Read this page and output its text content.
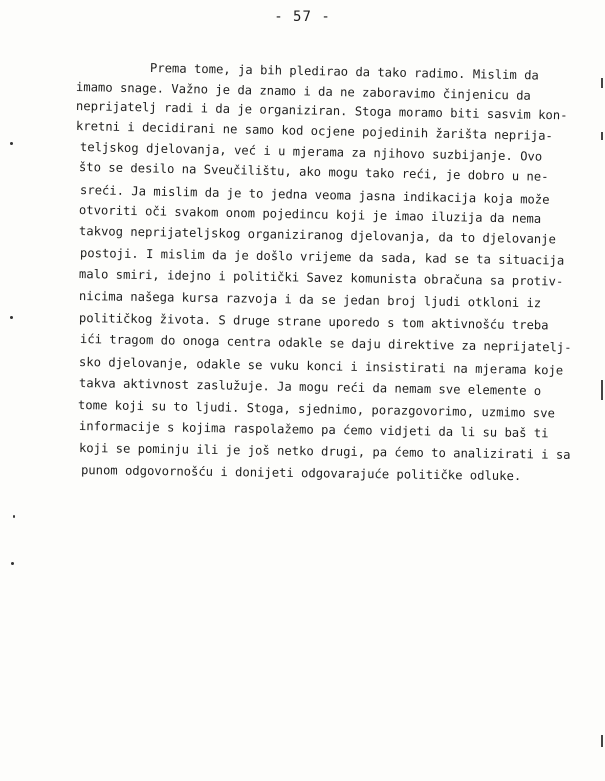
- 57 -
Prema tome, ja bih pledirao da tako radimo. Mislim da
imamo snage. Važno je da znamo i da ne zaboravimo činjenicu da
neprijatelj radi i da je organiziran. Stoga moramo biti sasvim kon-
kretni i decidirani ne samo kod ocjene pojedinih žarišta neprija-
teljskog djelovanja, već i u mjerama za njihovo suzbijanje. Ovo
što se desilo na Sveučilištu, ako mogu tako reći, je dobro u ne-
sreći. Ja mislim da je to jedna veoma jasna indikacija koja može
otvoriti oči svakom onom pojedincu koji je imao iluzija da nema
takvog neprijateljskog organiziranog djelovanja, da to djelovanje
postoji. I mislim da je došlo vrijeme da sada, kad se ta situacija
malo smiri, idejno i politički Savez komunista obračuna sa protiv-
nicima našega kursa razvoja i da se jedan broj ljudi otkloni iz
političkog života. S druge strane uporedo s tom aktivnošću treba
ići tragom do onoga centra odakle se daju direktive za neprijatelj-
sko djelovanje, odakle se vuku konci i insistirati na mjerama koje
takva aktivnost zaslužuje. Ja mogu reći da nemam sve elemente o
tome koji su to ljudi. Stoga, sjednimo, porazgovorimo, uzmimo sve
informacije s kojima raspolažemo pa ćemo vidjeti da li su baš ti
koji se pominju ili je još netko drugi, pa ćemo to analizirati i sa
punom odgovornošću i donijeti odgovarajuće političke odluke.
